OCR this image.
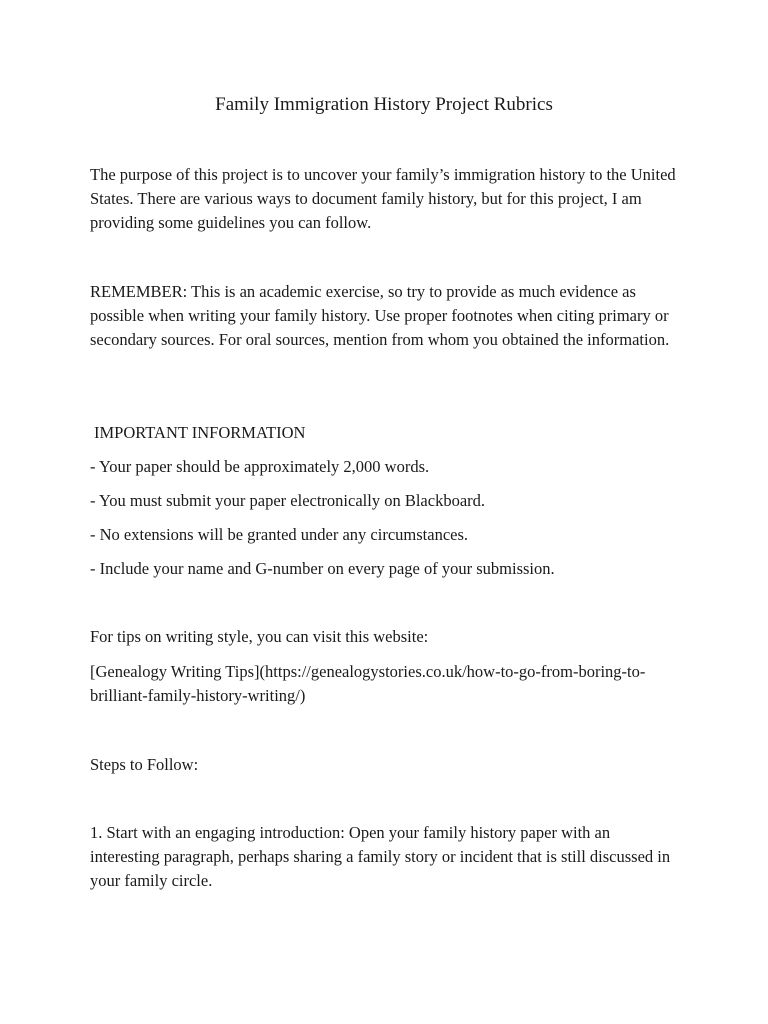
Family Immigration History Project Rubrics

The purpose of this project is to uncover your family’s immigration history to the United States. There are various ways to document family history, but for this project, I am providing some guidelines you can follow.

REMEMBER: This is an academic exercise, so try to provide as much evidence as possible when writing your family history. Use proper footnotes when citing primary or secondary sources. For oral sources, mention from whom you obtained the information.

IMPORTANT INFORMATION

- Your paper should be approximately 2,000 words.

- You must submit your paper electronically on Blackboard.

- No extensions will be granted under any circumstances.

- Include your name and G-number on every page of your submission.

For tips on writing style, you can visit this website:

[Genealogy Writing Tips](https://genealogystories.co.uk/how-to-go-from-boring-to-brilliant-family-history-writing/)

Steps to Follow:

1. Start with an engaging introduction: Open your family history paper with an interesting paragraph, perhaps sharing a family story or incident that is still discussed in your family circle.
